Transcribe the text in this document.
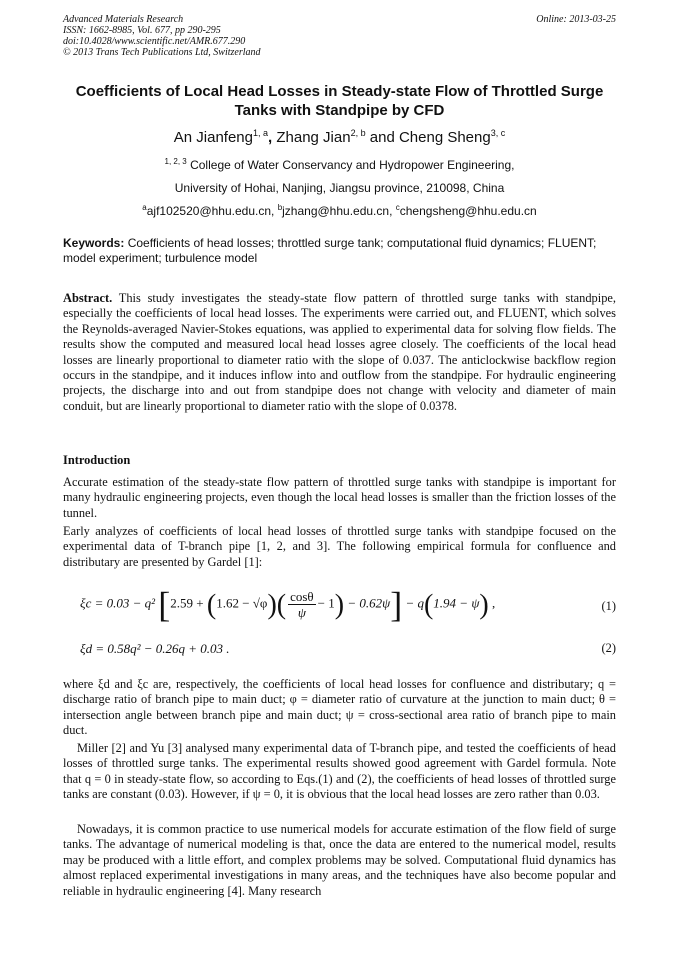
Advanced Materials Research
ISSN: 1662-8985, Vol. 677, pp 290-295
doi:10.4028/www.scientific.net/AMR.677.290
© 2013 Trans Tech Publications Ltd, Switzerland
Online: 2013-03-25
Coefficients of Local Head Losses in Steady-state Flow of Throttled Surge Tanks with Standpipe by CFD
An Jianfeng$^{1, a}$, Zhang Jian$^{2, b}$ and Cheng Sheng$^{3, c}$
$^{1, 2, 3}$ College of Water Conservancy and Hydropower Engineering,
University of Hohai, Nanjing, Jiangsu province, 210098, China
$^a$ajf102520@hhu.edu.cn, $^b$jzhang@hhu.edu.cn, $^c$chengsheng@hhu.edu.cn
Keywords: Coefficients of head losses; throttled surge tank; computational fluid dynamics; FLUENT; model experiment; turbulence model

Abstract. This study investigates the steady-state flow pattern of throttled surge tanks with standpipe, especially the coefficients of local head losses. The experiments were carried out, and FLUENT, which solves the Reynolds-averaged Navier-Stokes equations, was applied to experimental data for solving flow fields. The results show the computed and measured local head losses agree closely. The coefficients of the local head losses are linearly proportional to diameter ratio with the slope of 0.037. The anticlockwise backflow region occurs in the standpipe, and it induces inflow into and outflow from the standpipe. For hydraulic engineering projects, the discharge into and out from standpipe does not change with velocity and diameter of main conduit, but are linearly proportional to diameter ratio with the slope of 0.0378.

Introduction

Accurate estimation of the steady-state flow pattern of throttled surge tanks with standpipe is important for many hydraulic engineering projects, even though the local head losses is smaller than the friction losses of the tunnel.

Early analyzes of coefficients of local head losses of throttled surge tanks with standpipe focused on the experimental data of T-branch pipe [1, 2, and 3]. The following empirical formula for confluence and distributary are presented by Gardel [1]:

ξc = 0.03 − q² $[2.59 + (1.62 - √\varphi)( \frac{\cos\theta}{\psi} - 1) - 0.62\psi] - q(1.94 - \psi)$ ,	(1)
ξd = 0.58q² − 0.26q + 0.03 .	(2)

where ξd and ξc are, respectively, the coefficients of local head losses for confluence and distributary; q = discharge ratio of branch pipe to main duct; φ = diameter ratio of curvature at the junction to main duct; θ = intersection angle between branch pipe and main duct; ψ = cross-sectional area ratio of branch pipe to main duct.

Miller [2] and Yu [3] analysed many experimental data of T-branch pipe, and tested the coefficients of head losses of throttled surge tanks. The experimental results showed good agreement with Gardel formula. Note that q = 0 in steady-state flow, so according to Eqs.(1) and (2), the coefficients of head losses of throttled surge tanks are constant (0.03). However, if ψ = 0, it is obvious that the local head losses are zero rather than 0.03.

Nowadays, it is common practice to use numerical models for accurate estimation of the flow field of surge tanks. The advantage of numerical modeling is that, once the data are entered to the numerical model, results may be produced with a little effort, and complex problems may be solved. Computational fluid dynamics has almost replaced experimental investigations in many areas, and the techniques have also become popular and reliable in hydraulic engineering [4]. Many research
